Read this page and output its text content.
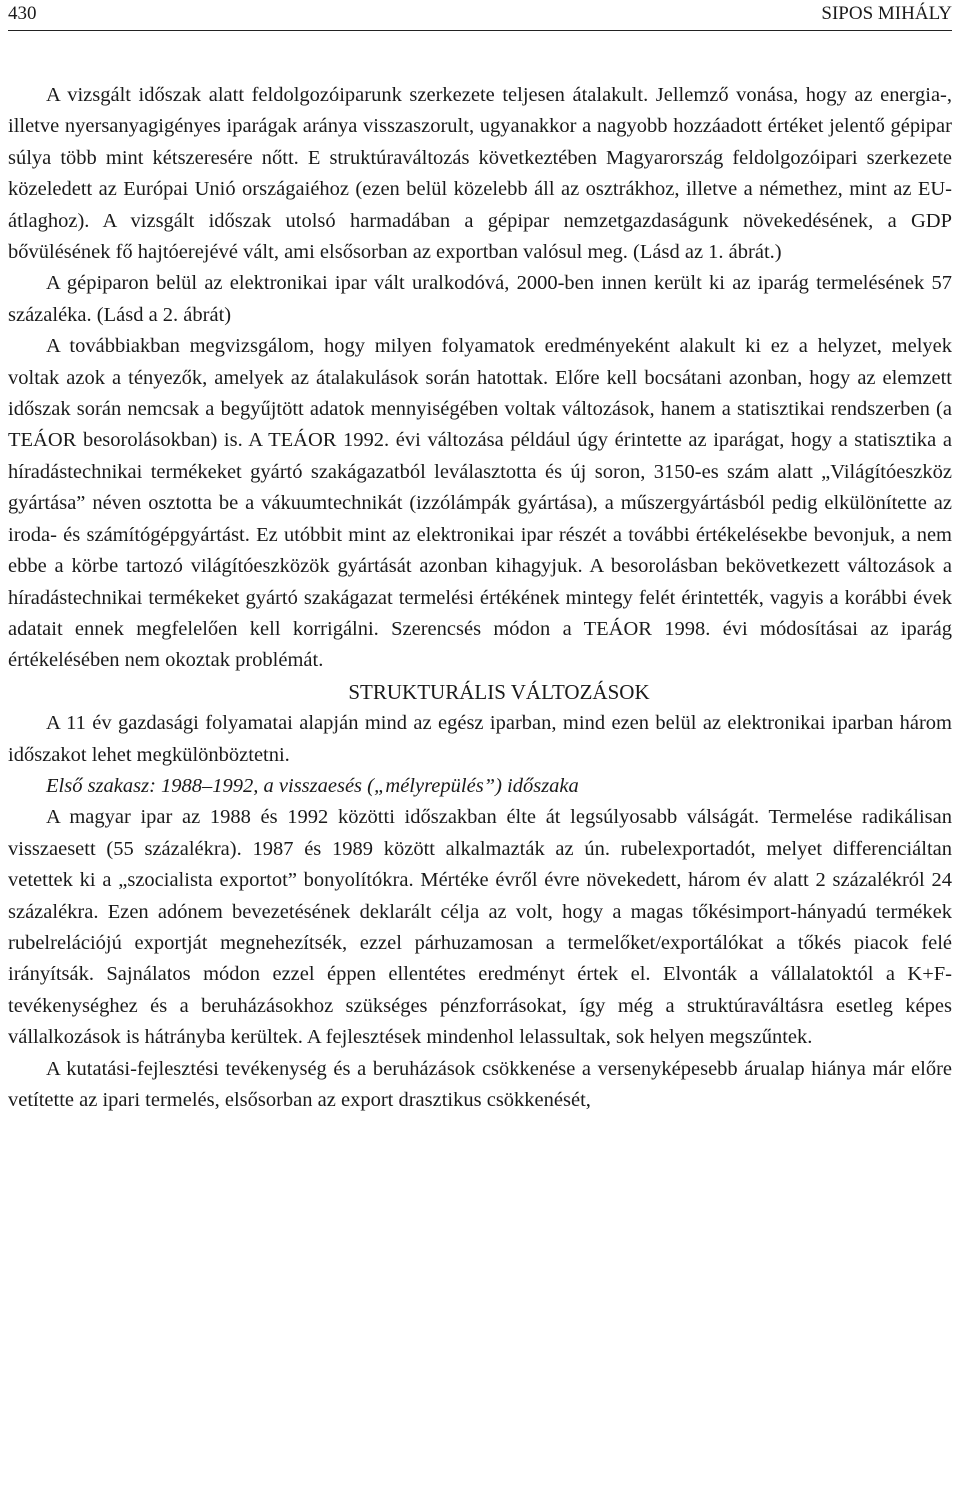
430	SIPOS MIHÁLY

A vizsgált időszak alatt feldolgozóiparunk szerkezete teljesen átalakult. Jellemző vonása, hogy az energia-, illetve nyersanyagigényes iparágak aránya visszaszorult, ugyanakkor a nagyobb hozzáadott értéket jelentő gépipar súlya több mint kétszeresére nőtt. E struktúraváltozás következtében Magyarország feldolgozóipari szerkezete közeledett az Európai Unió országaiéhoz (ezen belül közelebb áll az osztrákhoz, illetve a némethez, mint az EU-átlaghoz). A vizsgált időszak utolsó harmadában a gépipar nemzetgazdaságunk növekedésének, a GDP bővülésének fő hajtóerejévé vált, ami elsősorban az exportban valósul meg. (Lásd az 1. ábrát.)

A gépiparon belül az elektronikai ipar vált uralkodóvá, 2000-ben innen került ki az iparág termelésének 57 százaléka. (Lásd a 2. ábrát)

A továbbiakban megvizsgálom, hogy milyen folyamatok eredményeként alakult ki ez a helyzet, melyek voltak azok a tényezők, amelyek az átalakulások során hatottak. Előre kell bocsátani azonban, hogy az elemzett időszak során nemcsak a begyűjtött adatok mennyiségében voltak változások, hanem a statisztikai rendszerben (a TEÁOR besorolásokban) is. A TEÁOR 1992. évi változása például úgy érintette az iparágat, hogy a statisztika a híradástechnikai termékeket gyártó szakágazatból leválasztotta és új soron, 3150-es szám alatt „Világítóeszköz gyártása” néven osztotta be a vákuumtechnikát (izzólámpák gyártása), a műszergyártásból pedig elkülönítette az iroda- és számítógépgyártást. Ez utóbbit mint az elektronikai ipar részét a további értékelésekbe bevonjuk, a nem ebbe a körbe tartozó világítóeszközök gyártását azonban kihagyjuk. A besorolásban bekövetkezett változások a híradástechnikai termékeket gyártó szakágazat termelési értékének mintegy felét érintették, vagyis a korábbi évek adatait ennek megfelelően kell korrigálni. Szerencsés módon a TEÁOR 1998. évi módosításai az iparág értékelésében nem okoztak problémát.

STRUKTURÁLIS VÁLTOZÁSOK

A 11 év gazdasági folyamatai alapján mind az egész iparban, mind ezen belül az elektronikai iparban három időszakot lehet megkülönböztetni.

Első szakasz: 1988–1992, a visszaesés („mélyrepülés”) időszaka

A magyar ipar az 1988 és 1992 közötti időszakban élte át legsúlyosabb válságát. Termelése radikálisan visszaesett (55 százalékra). 1987 és 1989 között alkalmazták az ún. rubelexportadót, melyet differenciáltan vetettek ki a „szocialista exportot” bonyolítókra. Mértéke évről évre növekedett, három év alatt 2 százalékról 24 százalékra. Ezen adónem bevezetésének deklarált célja az volt, hogy a magas tőkésimport-hányadú termékek rubelrelációjú exportját megnehezítsék, ezzel párhuzamosan a termelőket/exportálókat a tőkés piacok felé irányítsák. Sajnálatos módon ezzel éppen ellentétes eredményt értek el. Elvonták a vállalatoktól a K+F-tevékenységhez és a beruházásokhoz szükséges pénzforrásokat, így még a struktúraváltásra esetleg képes vállalkozások is hátrányba kerültek. A fejlesztések mindenhol lelassultak, sok helyen megszűntek.

A kutatási-fejlesztési tevékenység és a beruházások csökkenése a versenyképesebb árualap hiánya már előre vetítette az ipari termelés, elsősorban az export drasztikus csökkenését,
